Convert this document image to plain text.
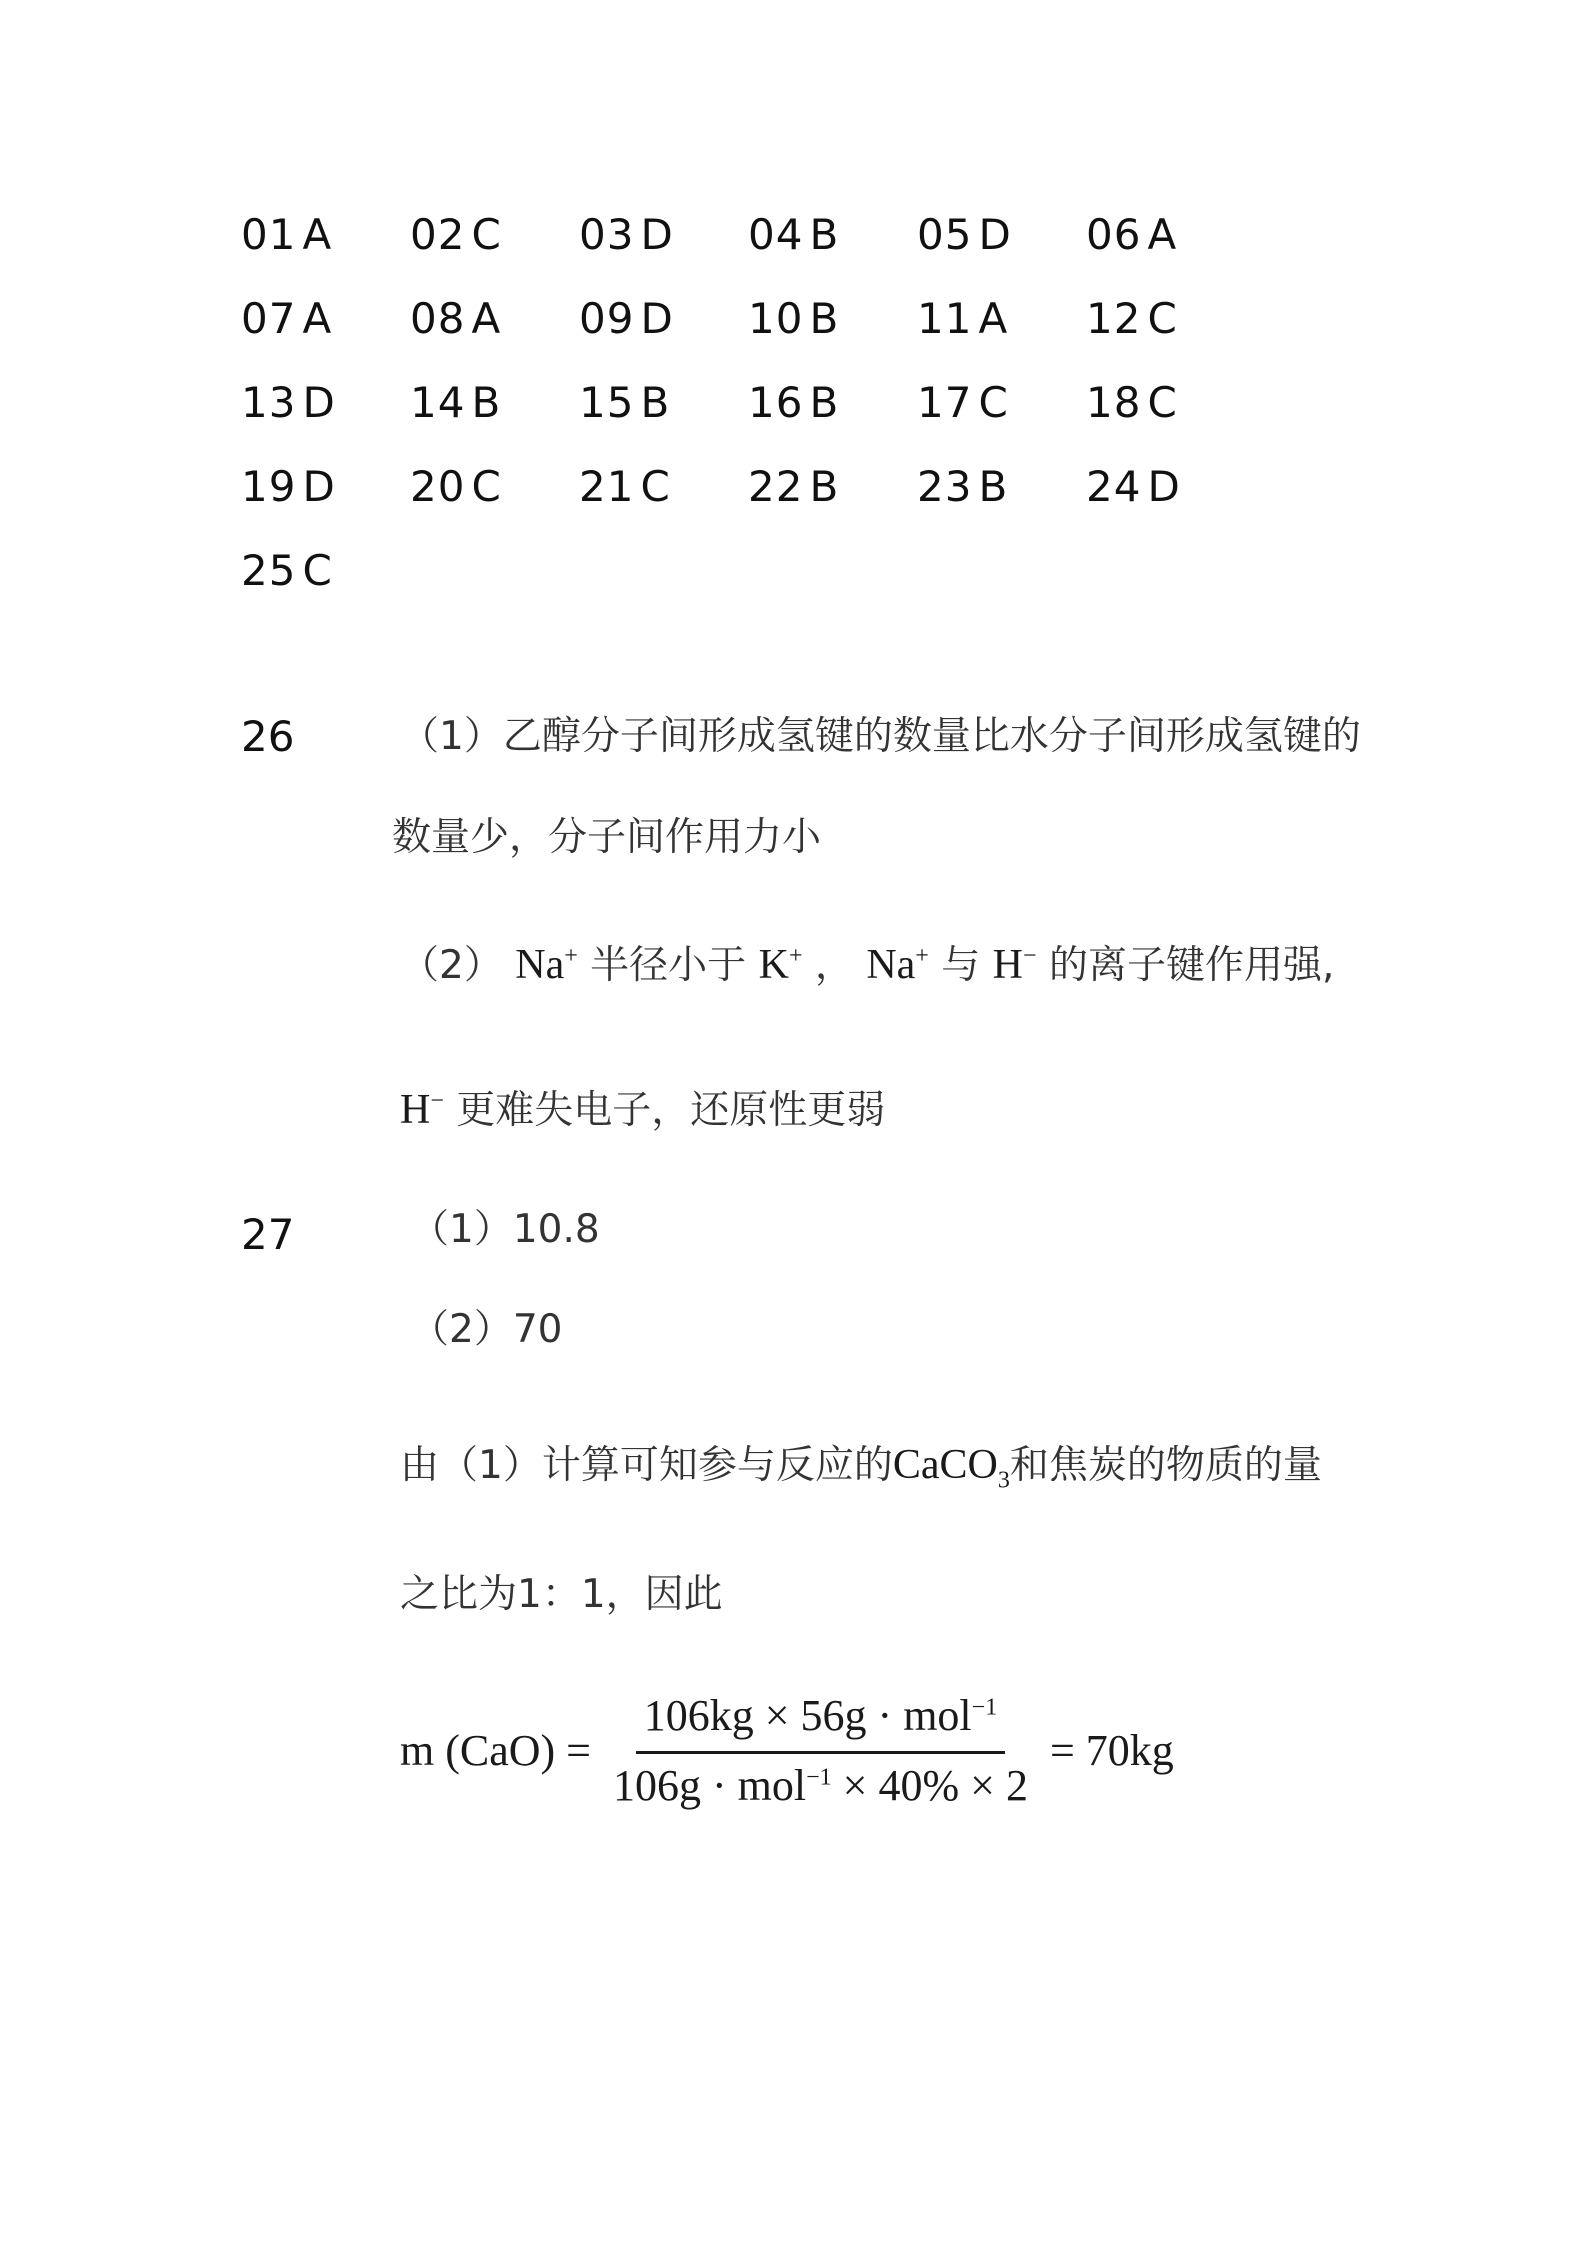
01 A	02 C	03 D	04 B	05 D	06 A
07 A	08 A	09 D	10 B	11 A	12 C
13 D	14 B	15 B	16 B	17 C	18 C
19 D	20 C	21 C	22 B	23 B	24 D
25 C
26	（1）乙醇分子间形成氢键的数量比水分子间形成氢键的
数量少，分子间作用力小
（2） Na+ 半径小于 K+ ， Na+ 与 H− 的离子键作用强,
H− 更难失电子，还原性更弱
27	（1）10.8
（2）70
由（1）计算可知参与反应的CaCO$_3$和焦炭的物质的量
之比为1：1，因此
m $(CaO) = \frac{106kg \times 56g \cdot mol^{-1}}{106g \cdot mol^{-1} \times 40\% \times 2} = 70kg$
